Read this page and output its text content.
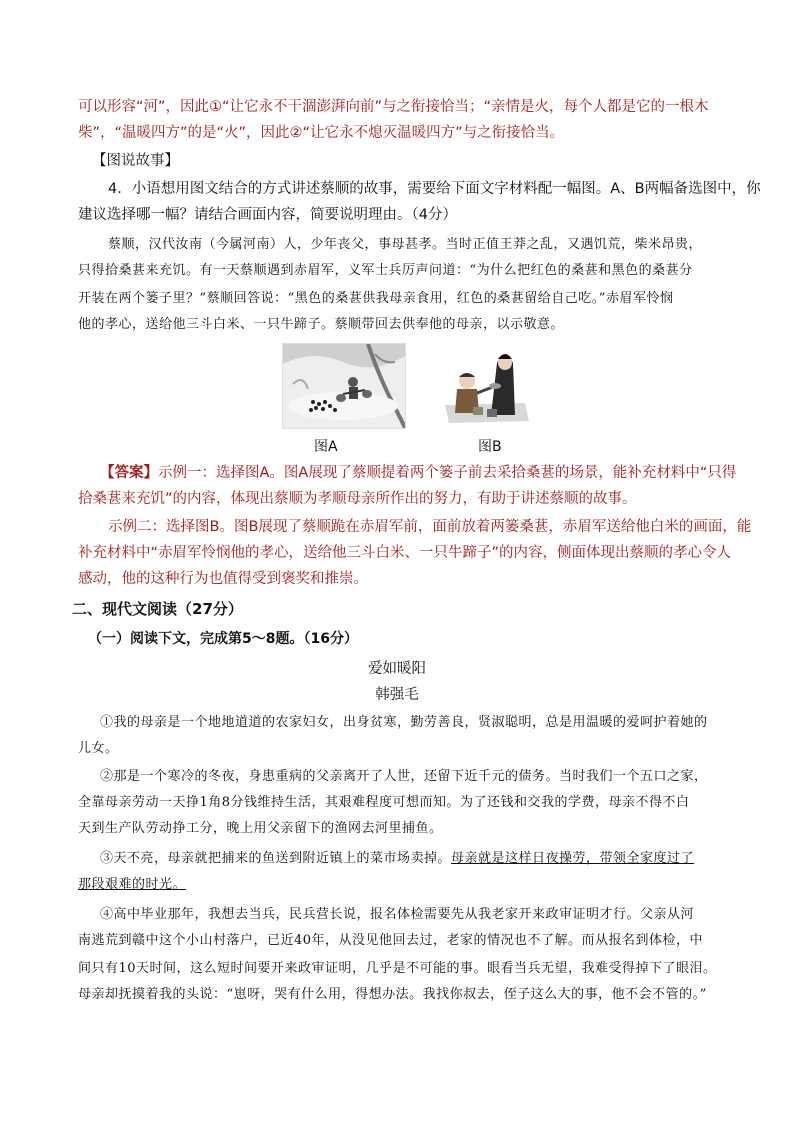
可以形容“河”，因此①“让它永不干涸澎湃向前”与之衔接恰当；“亲情是火，每个人都是它的一根木
柴”，“温暖四方”的是“火”，因此②“让它永不熄灭温暖四方”与之衔接恰当。
【图说故事】
4．小语想用图文结合的方式讲述蔡顺的故事，需要给下面文字材料配一幅图。A、B两幅备选图中，你
建议选择哪一幅？请结合画面内容，简要说明理由。（4分）
蔡顺，汉代汝南（今属河南）人，少年丧父，事母甚孝。当时正值王莽之乱，又遇饥荒，柴米昂贵，
只得拾桑葚来充饥。有一天蔡顺遇到赤眉军，义军士兵厉声问道：“为什么把红色的桑葚和黑色的桑葚分
开装在两个篓子里？”蔡顺回答说：“黑色的桑葚供我母亲食用，红色的桑葚留给自己吃。”赤眉军怜悯
他的孝心，送给他三斗白米、一只牛蹄子。蔡顺带回去供奉他的母亲，以示敬意。
图A	图B
【答案】示例一：选择图A。图A展现了蔡顺提着两个篓子前去采拾桑葚的场景，能补充材料中“只得
拾桑葚来充饥”的内容，体现出蔡顺为孝顺母亲所作出的努力，有助于讲述蔡顺的故事。
示例二：选择图B。图B展现了蔡顺跪在赤眉军前，面前放着两篓桑葚，赤眉军送给他白米的画面，能
补充材料中“赤眉军怜悯他的孝心，送给他三斗白米、一只牛蹄子”的内容，侧面体现出蔡顺的孝心令人
感动，他的这种行为也值得受到褒奖和推崇。
二、现代文阅读（27分）
（一）阅读下文，完成第5～8题。（16分）
爱如暖阳
韩强毛
①我的母亲是一个地地道道的农家妇女，出身贫寒，勤劳善良，贤淑聪明，总是用温暖的爱呵护着她的
儿女。
②那是一个寒冷的冬夜，身患重病的父亲离开了人世，还留下近千元的债务。当时我们一个五口之家，
全靠母亲劳动一天挣1角8分钱维持生活，其艰难程度可想而知。为了还钱和交我的学费，母亲不得不白
天到生产队劳动挣工分，晚上用父亲留下的渔网去河里捕鱼。
③天不亮，母亲就把捕来的鱼送到附近镇上的菜市场卖掉。母亲就是这样日夜操劳，带领全家度过了
那段艰难的时光。
④高中毕业那年，我想去当兵，民兵营长说，报名体检需要先从我老家开来政审证明才行。父亲从河
南逃荒到赣中这个小山村落户，已近40年，从没见他回去过，老家的情况也不了解。而从报名到体检，中
间只有10天时间，这么短时间要开来政审证明，几乎是不可能的事。眼看当兵无望，我难受得掉下了眼泪。
母亲却抚摸着我的头说：“崽呀，哭有什么用，得想办法。我找你叔去，侄子这么大的事，他不会不管的。”
